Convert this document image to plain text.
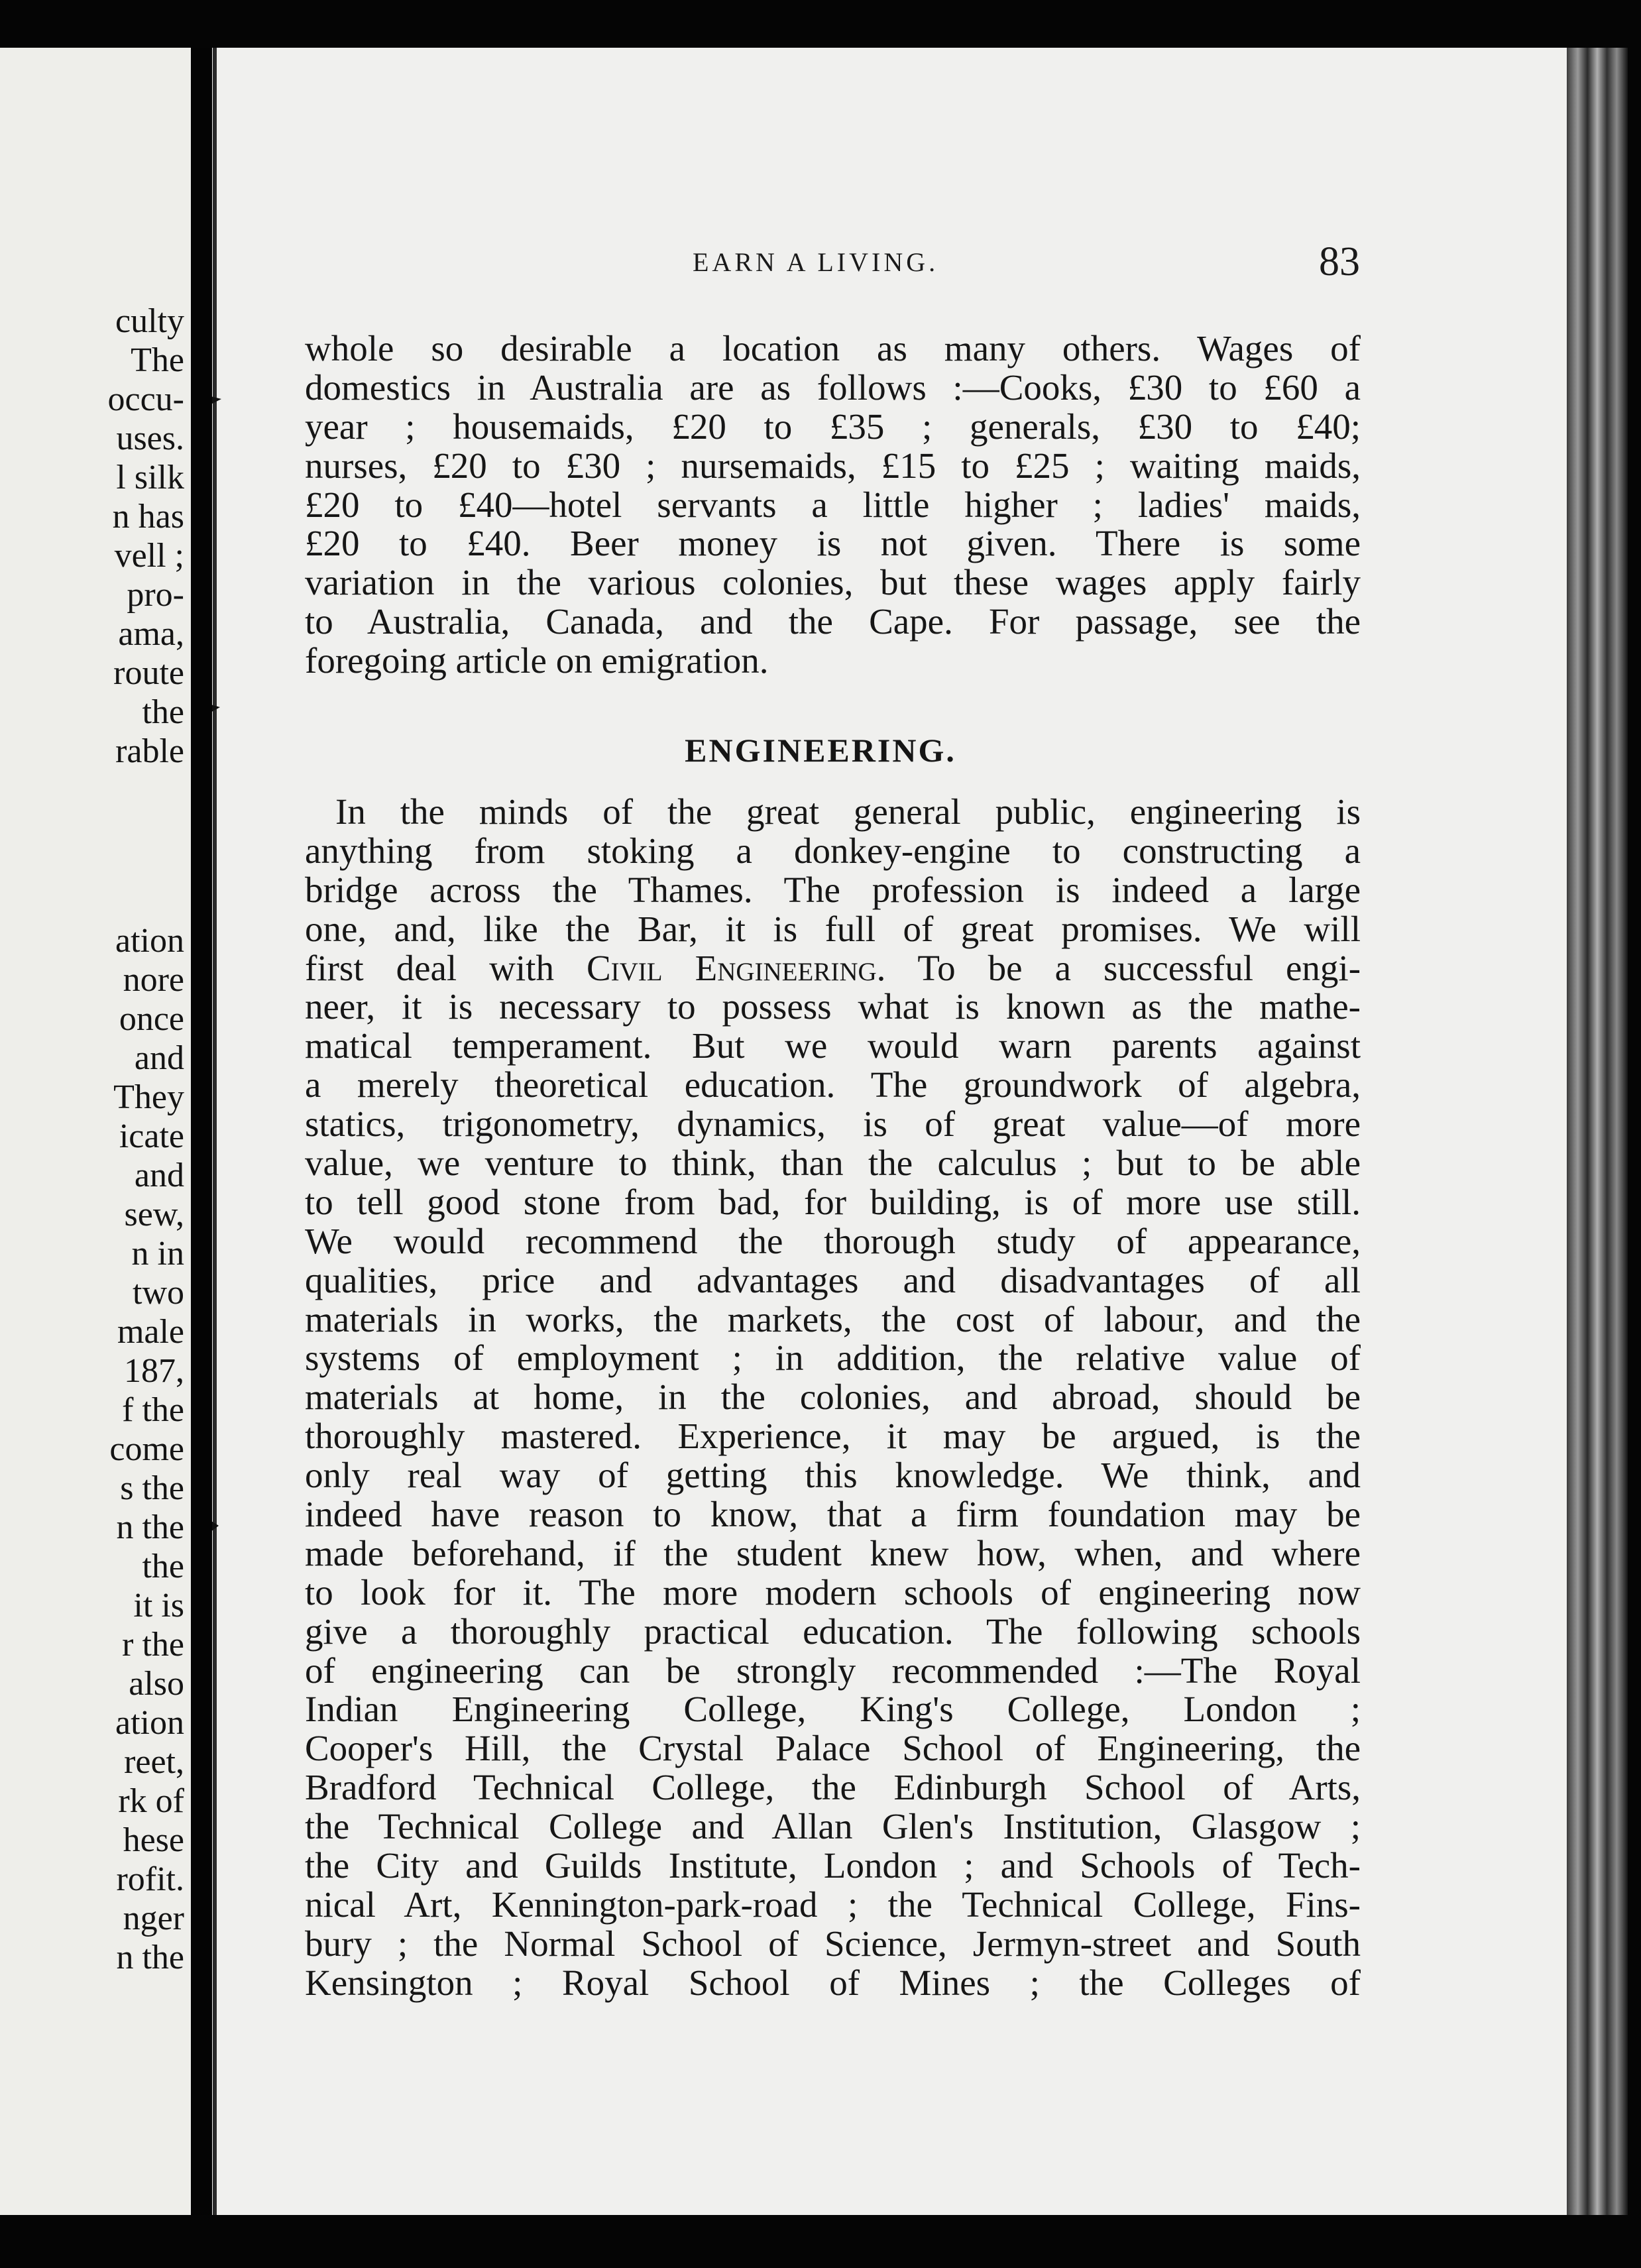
culty
The
occu-
uses.
l silk
n has
vell ;
pro-
ama,
route
the
rable
ation
nore
once
and
They
icate
and
sew,
n in
two
male
187,
f the
come
s the
n the
the
it is
r the
also
ation
reet,
rk of
hese
rofit.
nger
n the
EARN A LIVING.	83
whole so desirable a location as many others. Wages of
domestics in Australia are as follows :—Cooks, £30 to £60 a
year ; housemaids, £20 to £35 ; generals, £30 to £40;
nurses, £20 to £30 ; nursemaids, £15 to £25 ; waiting maids,
£20 to £40—hotel servants a little higher ; ladies' maids,
£20 to £40. Beer money is not given. There is some
variation in the various colonies, but these wages apply fairly
to Australia, Canada, and the Cape. For passage, see the
foregoing article on emigration.
ENGINEERING.
In the minds of the great general public, engineering is
anything from stoking a donkey-engine to constructing a
bridge across the Thames. The profession is indeed a large
one, and, like the Bar, it is full of great promises. We will
first deal with Civil Engineering. To be a successful engi-
neer, it is necessary to possess what is known as the mathe-
matical temperament. But we would warn parents against
a merely theoretical education. The groundwork of algebra,
statics, trigonometry, dynamics, is of great value—of more
value, we venture to think, than the calculus ; but to be able
to tell good stone from bad, for building, is of more use still.
We would recommend the thorough study of appearance,
qualities, price and advantages and disadvantages of all
materials in works, the markets, the cost of labour, and the
systems of employment ; in addition, the relative value of
materials at home, in the colonies, and abroad, should be
thoroughly mastered. Experience, it may be argued, is the
only real way of getting this knowledge. We think, and
indeed have reason to know, that a firm foundation may be
made beforehand, if the student knew how, when, and where
to look for it. The more modern schools of engineering now
give a thoroughly practical education. The following schools
of engineering can be strongly recommended :—The Royal
Indian Engineering College, King's College, London ;
Cooper's Hill, the Crystal Palace School of Engineering, the
Bradford Technical College, the Edinburgh School of Arts,
the Technical College and Allan Glen's Institution, Glasgow ;
the City and Guilds Institute, London ; and Schools of Tech-
nical Art, Kennington-park-road ; the Technical College, Fins-
bury ; the Normal School of Science, Jermyn-street and South
Kensington ; Royal School of Mines ; the Colleges of
